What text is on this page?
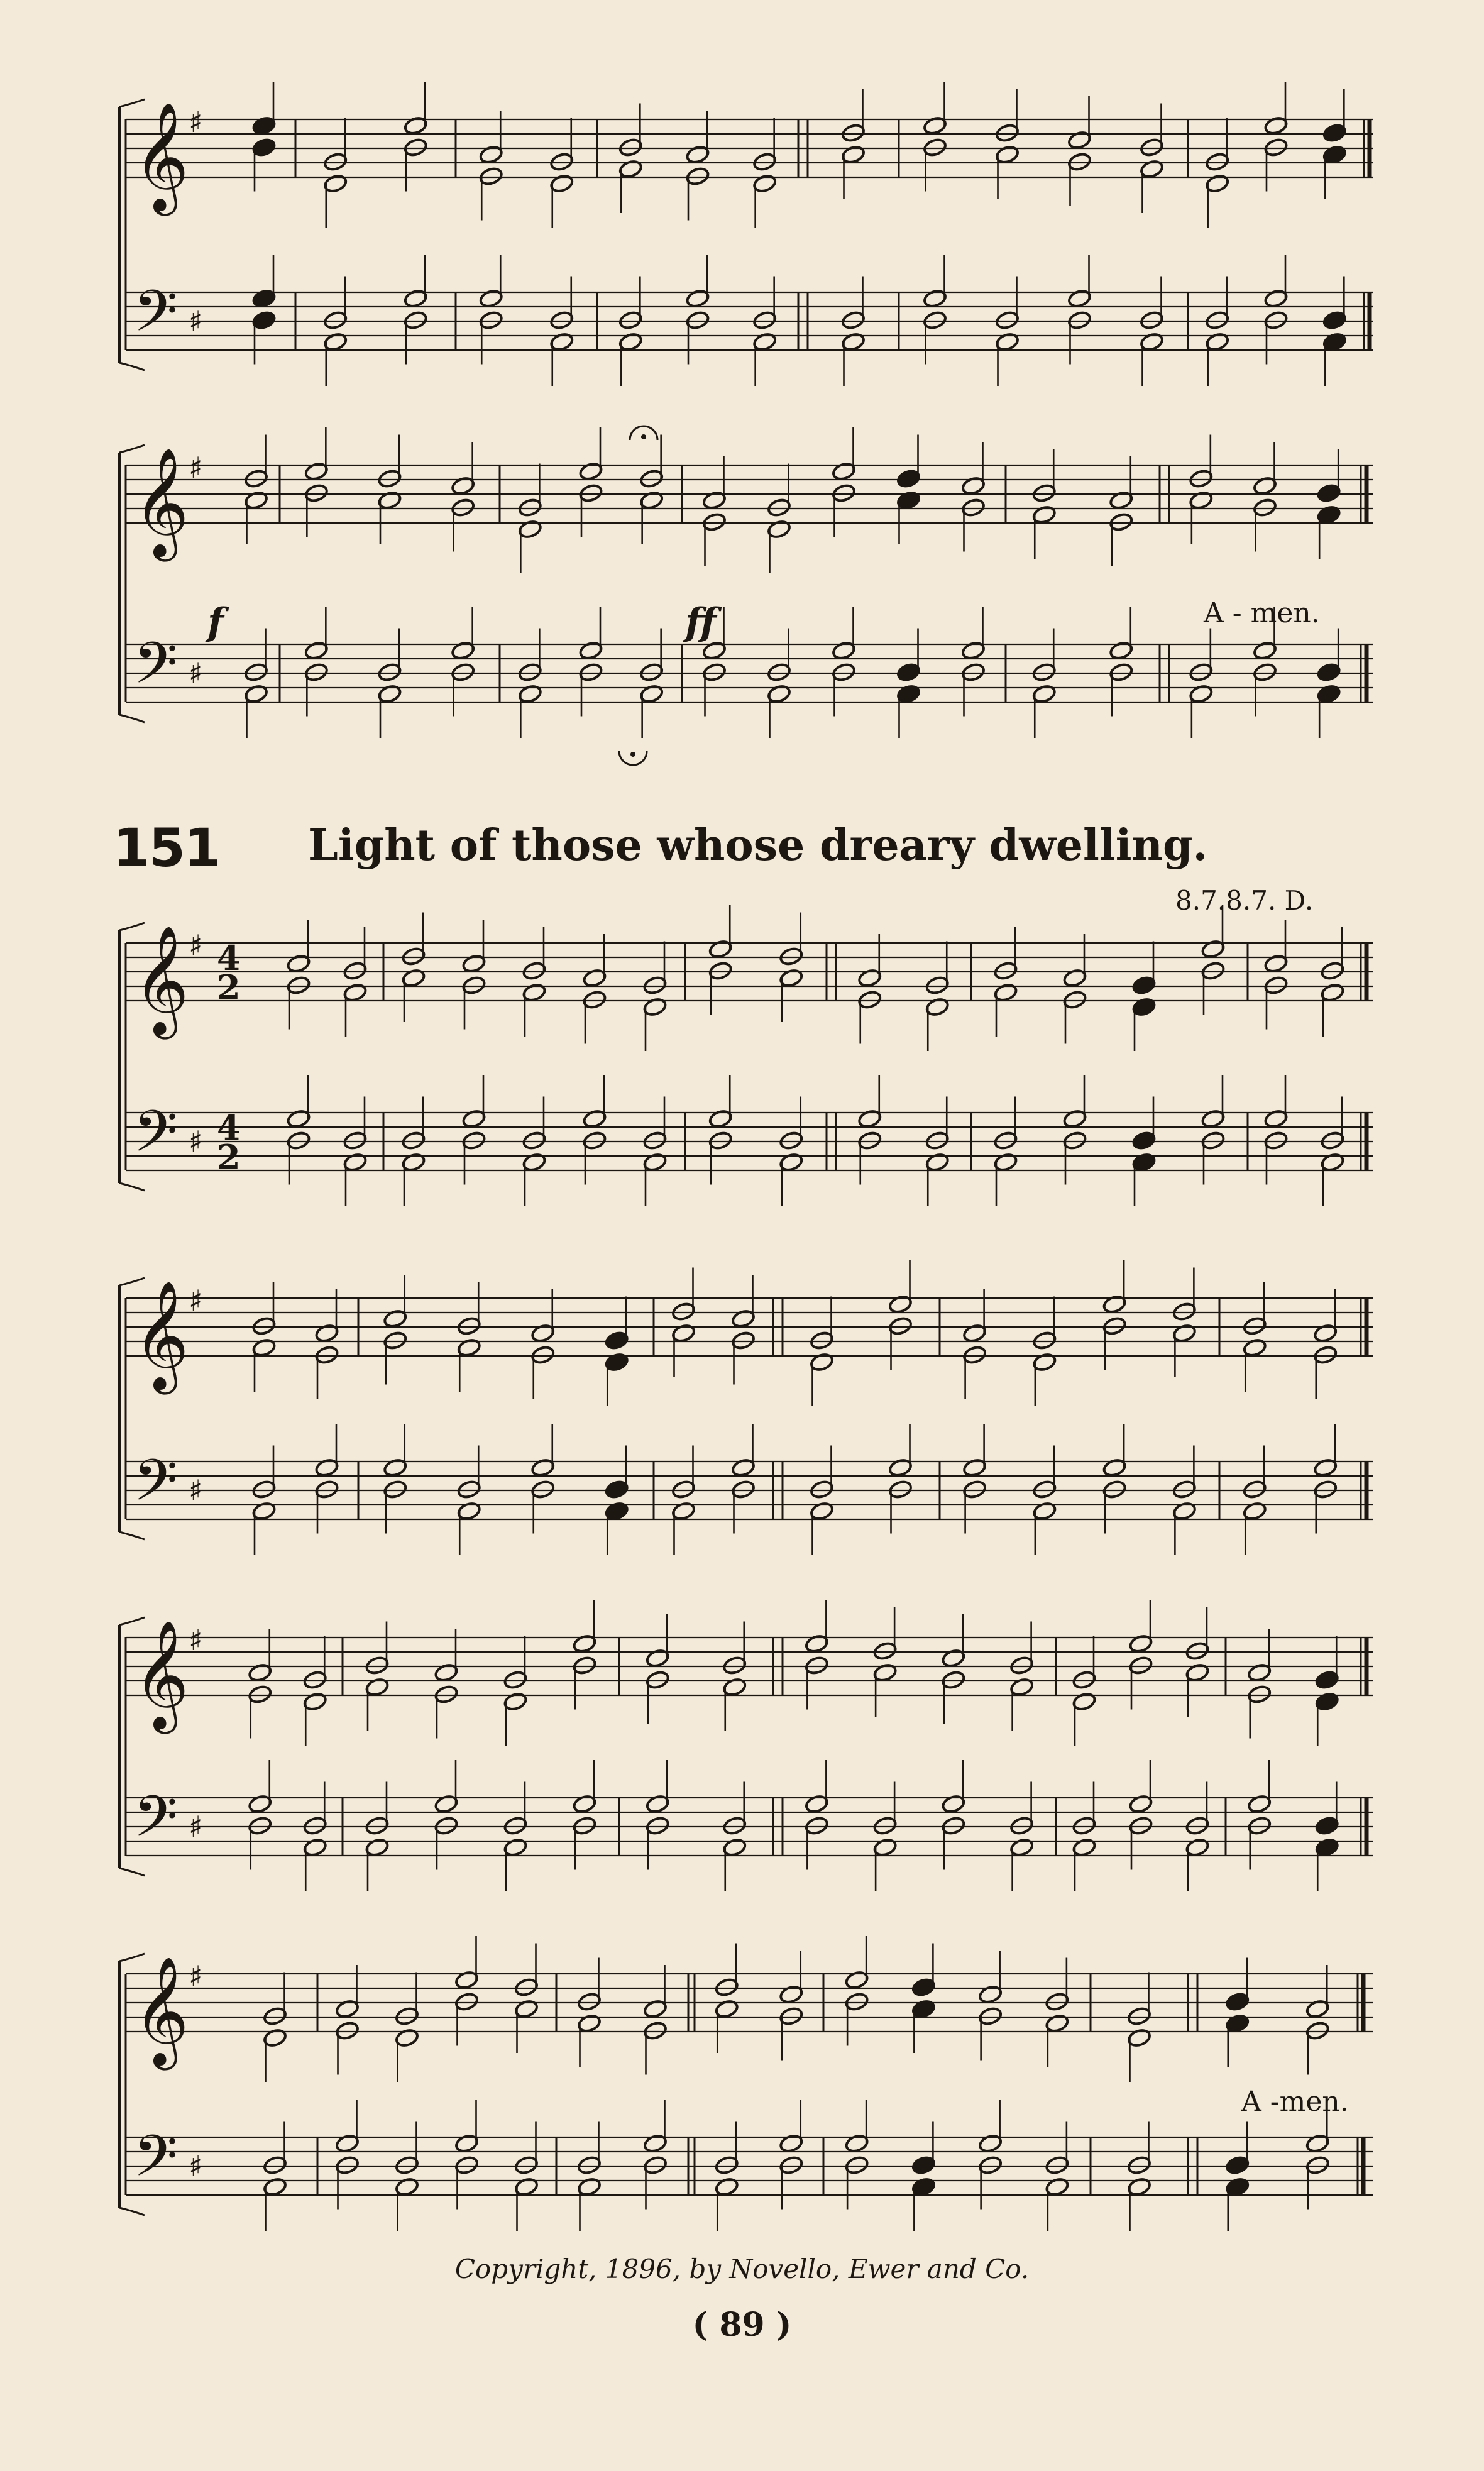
𝄞
𝄢
♯
♯
𝄞
𝄢
♯
♯
𝄞
𝄢
♯
♯
4
2
4
2
𝄞
𝄢
♯
♯
𝄞
𝄢
♯
♯
𝄞
𝄢
♯
♯
f	ff	A - men.
151 Light of those whose dreary dwelling.
8.7.8.7. D.
A -men.
Copyright, 1896, by Novello, Ewer and Co.
( 89 )
